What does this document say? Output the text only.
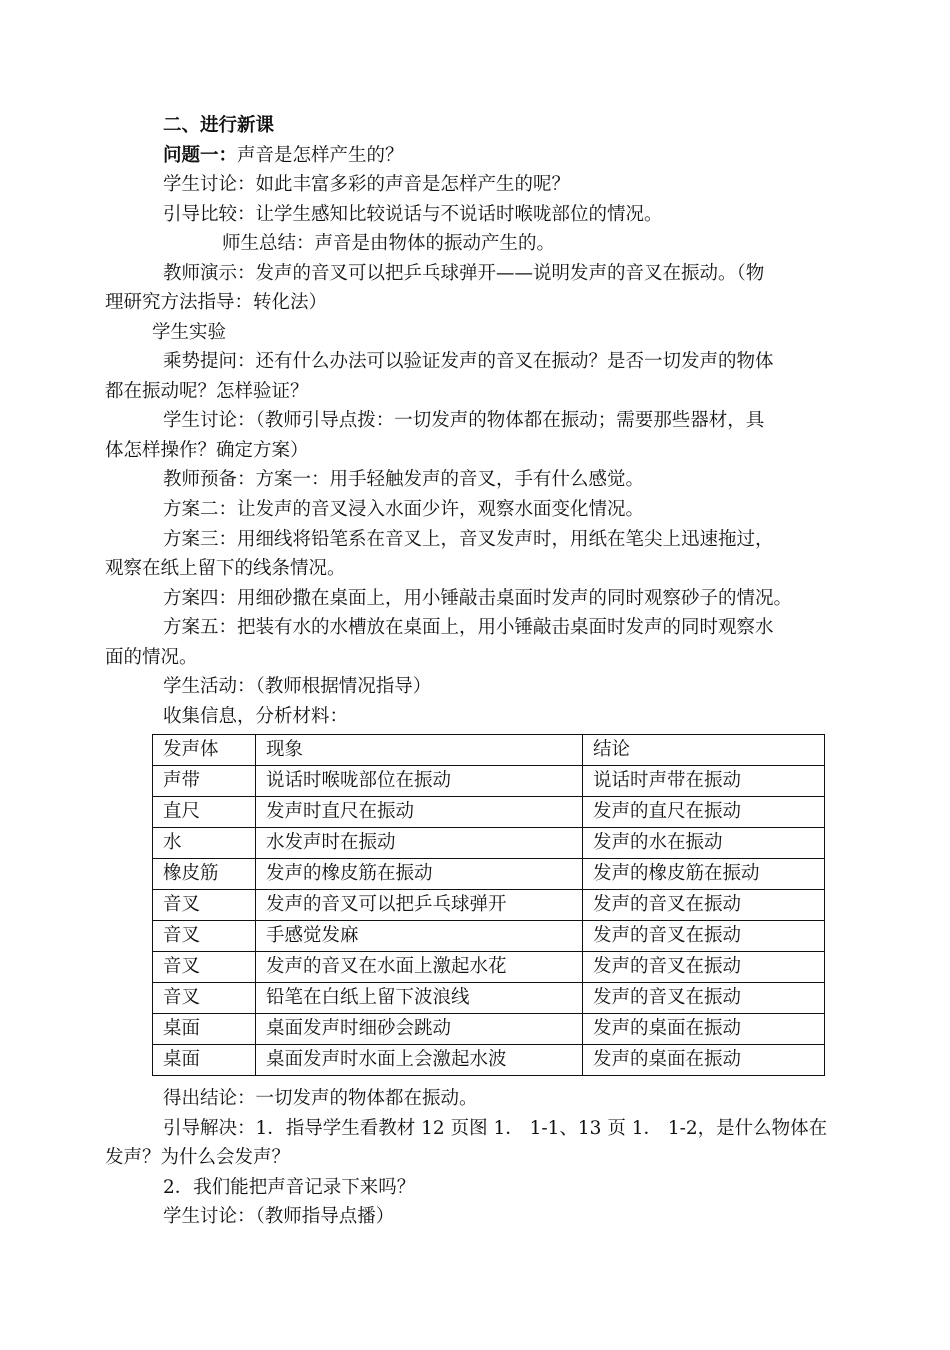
二、进行新课
问题一：声音是怎样产生的？
学生讨论：如此丰富多彩的声音是怎样产生的呢？
引导比较：让学生感知比较说话与不说话时喉咙部位的情况。
师生总结：声音是由物体的振动产生的。
教师演示：发声的音叉可以把乒乓球弹开——说明发声的音叉在振动。（物
理研究方法指导：转化法）
学生实验
乘势提问：还有什么办法可以验证发声的音叉在振动？是否一切发声的物体
都在振动呢？怎样验证？
学生讨论：（教师引导点拨：一切发声的物体都在振动；需要那些器材，具
体怎样操作？确定方案）
教师预备：方案一：用手轻触发声的音叉，手有什么感觉。
方案二：让发声的音叉浸入水面少许，观察水面变化情况。
方案三：用细线将铅笔系在音叉上，音叉发声时，用纸在笔尖上迅速拖过，
观察在纸上留下的线条情况。
方案四：用细砂撒在桌面上，用小锤敲击桌面时发声的同时观察砂子的情况。
方案五：把装有水的水槽放在桌面上，用小锤敲击桌面时发声的同时观察水
面的情况。
学生活动：（教师根据情况指导）
收集信息，分析材料：
发声体	现象	结论
声带	说话时喉咙部位在振动	说话时声带在振动
直尺	发声时直尺在振动	发声的直尺在振动
水	水发声时在振动	发声的水在振动
橡皮筋	发声的橡皮筋在振动	发声的橡皮筋在振动
音叉	发声的音叉可以把乒乓球弹开	发声的音叉在振动
音叉	手感觉发麻	发声的音叉在振动
音叉	发声的音叉在水面上激起水花	发声的音叉在振动
音叉	铅笔在白纸上留下波浪线	发声的音叉在振动
桌面	桌面发声时细砂会跳动	发声的桌面在振动
桌面	桌面发声时水面上会激起水波	发声的桌面在振动
得出结论：一切发声的物体都在振动。
引导解决：1．指导学生看教材 12 页图 1． 1-1、13 页 1． 1-2，是什么物体在
发声？为什么会发声？
2．我们能把声音记录下来吗？
学生讨论：（教师指导点播）
